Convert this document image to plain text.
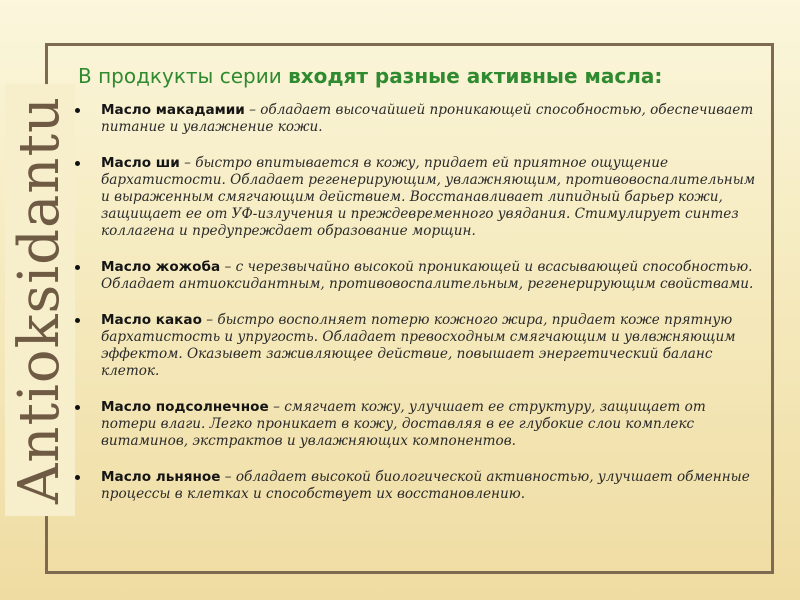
Antioksidantu
В продкукты серии входят разные активные масла:
Масло макадамии – обладает высочайшей проникающей способностью, обеспечивает питание и увлажнение кожи.
Масло ши – быстро впитывается в кожу, придает ей приятное ощущение бархатистости. Обладает регенерирующим, увлажняющим, противовоспалительным и выраженным смягчающим действием. Восстанавливает липидный барьер кожи, защищает ее от УФ-излучения и преждевременного увядания. Стимулирует синтез коллагена и предупреждает образование морщин.
Масло жожоба – с черезвычайно высокой проникающей и всасывающей способностью. Обладает антиоксидантным, противовоспалительным, регенерирующим свойствами.
Масло какао – быстро восполняет потерю кожного жира, придает коже прятную бархатистость и упругость. Обладает превосходным смягчающим и увлвжняющим эффектом. Оказывет заживляющее действие, повышает энергетический баланс клеток.
Масло подсолнечное – смягчает кожу, улучшает ее структуру, защищает от потери влаги. Легко проникает в кожу, доставляя в ее глубокие слои комплекс витаминов, экстрактов и увлажняющих компонентов.
Масло льняное – обладает высокой биологической активностью, улучшает обменные процессы в клетках и способствует их восстановлению.
